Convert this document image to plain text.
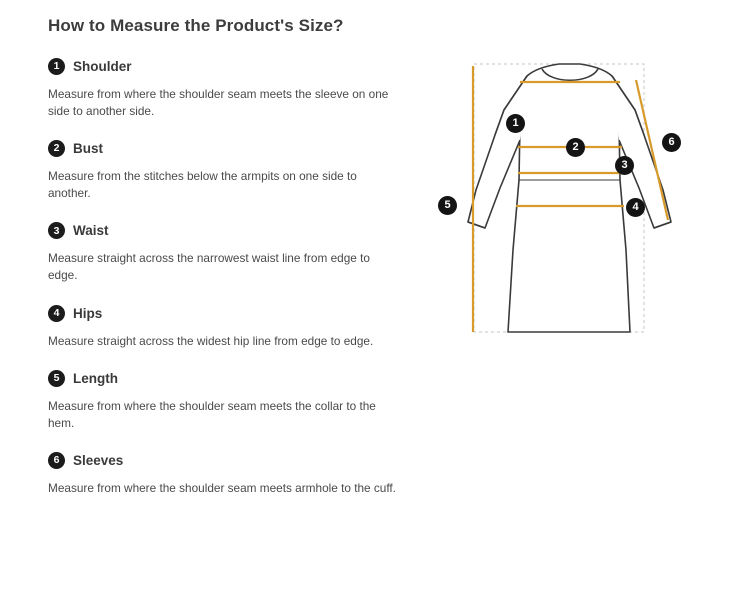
How to Measure the Product's Size?
1	Shoulder
Measure from where the shoulder seam meets the sleeve on one side to another side.
2	Bust
Measure from the stitches below the armpits on one side to another.
3	Waist
Measure straight across the narrowest waist line from edge to edge.
4	Hips
Measure straight across the widest hip line from edge to edge.
5	Length
Measure from where the shoulder seam meets the collar to the hem.
6	Sleeves
Measure from where the shoulder seam meets armhole to the cuff.
1
2
3
4
5
6
